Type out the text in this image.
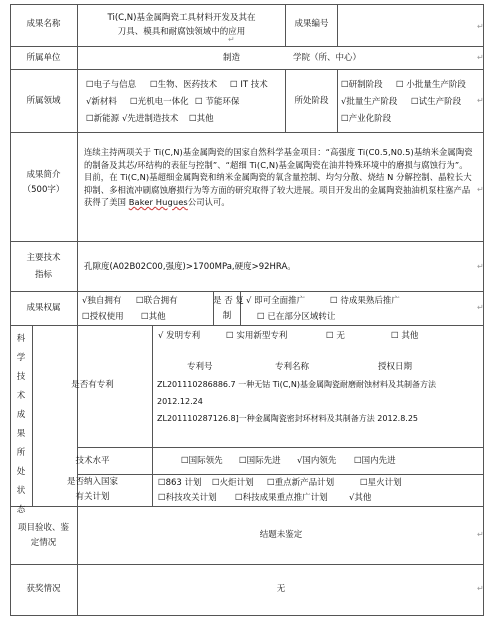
成果名称
Ti(C,N)基金属陶瓷工具材料开发及其在
刀具、模具和耐腐蚀领域中的应用
成果编号
↵
↵
所属单位	制造	学院（所、中心）
所属领域
☐电子与信息 ☐生物、医药技术 ☐ IT 技术
√新材料 ☐光机电一体化 ☐ 节能环保
☐新能源 √先进制造技术 ☐其他
所处阶段
☐研制阶段 ☐ 小批量生产阶段
√批量生产阶段 ☐试生产阶段
☐产业化阶段
成果简介
（500字）
连续主持两项关于 Ti(C,N)基金属陶瓷的国家自然科学基金项目：“高强度 Ti(C0.5,N0.5)基纳米金属陶瓷的制备及其芯/环结构的表征与控制”、“超细 Ti(C,N)基金属陶瓷在油井特殊环境中的磨损与腐蚀行为”。目前，在 Ti(C,N)基超细金属陶瓷和纳米金属陶瓷的氧含量控制、均匀分散、烧结 N 分解控制、晶粒长大抑制、多相流冲刷腐蚀磨损行为等方面的研究取得了较大进展。项目开发出的金属陶瓷抽油机泵柱塞产品获得了美国 Baker Hugues公司认可。
主要技术
指标
孔隙度(A02B02C00,强度)>1700MPa,硬度>92HRA。
成果权属
√独自拥有 ☐联合拥有
☐授权使用 ☐其他
是 否 复
制
√ 即可全面推广	☐ 待成果熟后推广
☐ 已在部分区域转让
科学技术成果所处状态
是否有专利
√ 发明专利	☐ 实用新型专利	☐ 无	☐ 其他
专利号	专利名称	授权日期
ZL201110286886.7 一种无钴 Ti(C,N)基金属陶瓷耐磨耐蚀材料及其制备方法
2012.12.24
ZL201110287126.8]一种金属陶瓷密封环材料及其制备方法 2012.8.25
技术水平	☐国际领先 ☐国际先进 √国内领先 ☐国内先进
是否纳入国家
有关计划
☐863 计划 ☐火炬计划 ☐重点新产品计划	☐星火计划
☐科技攻关计划 ☐科技成果重点推广计划	√其他
项目验收、鉴
定情况
结题未鉴定
获奖情况	无
↵
↵
↵
↵
↵
↵
↵
